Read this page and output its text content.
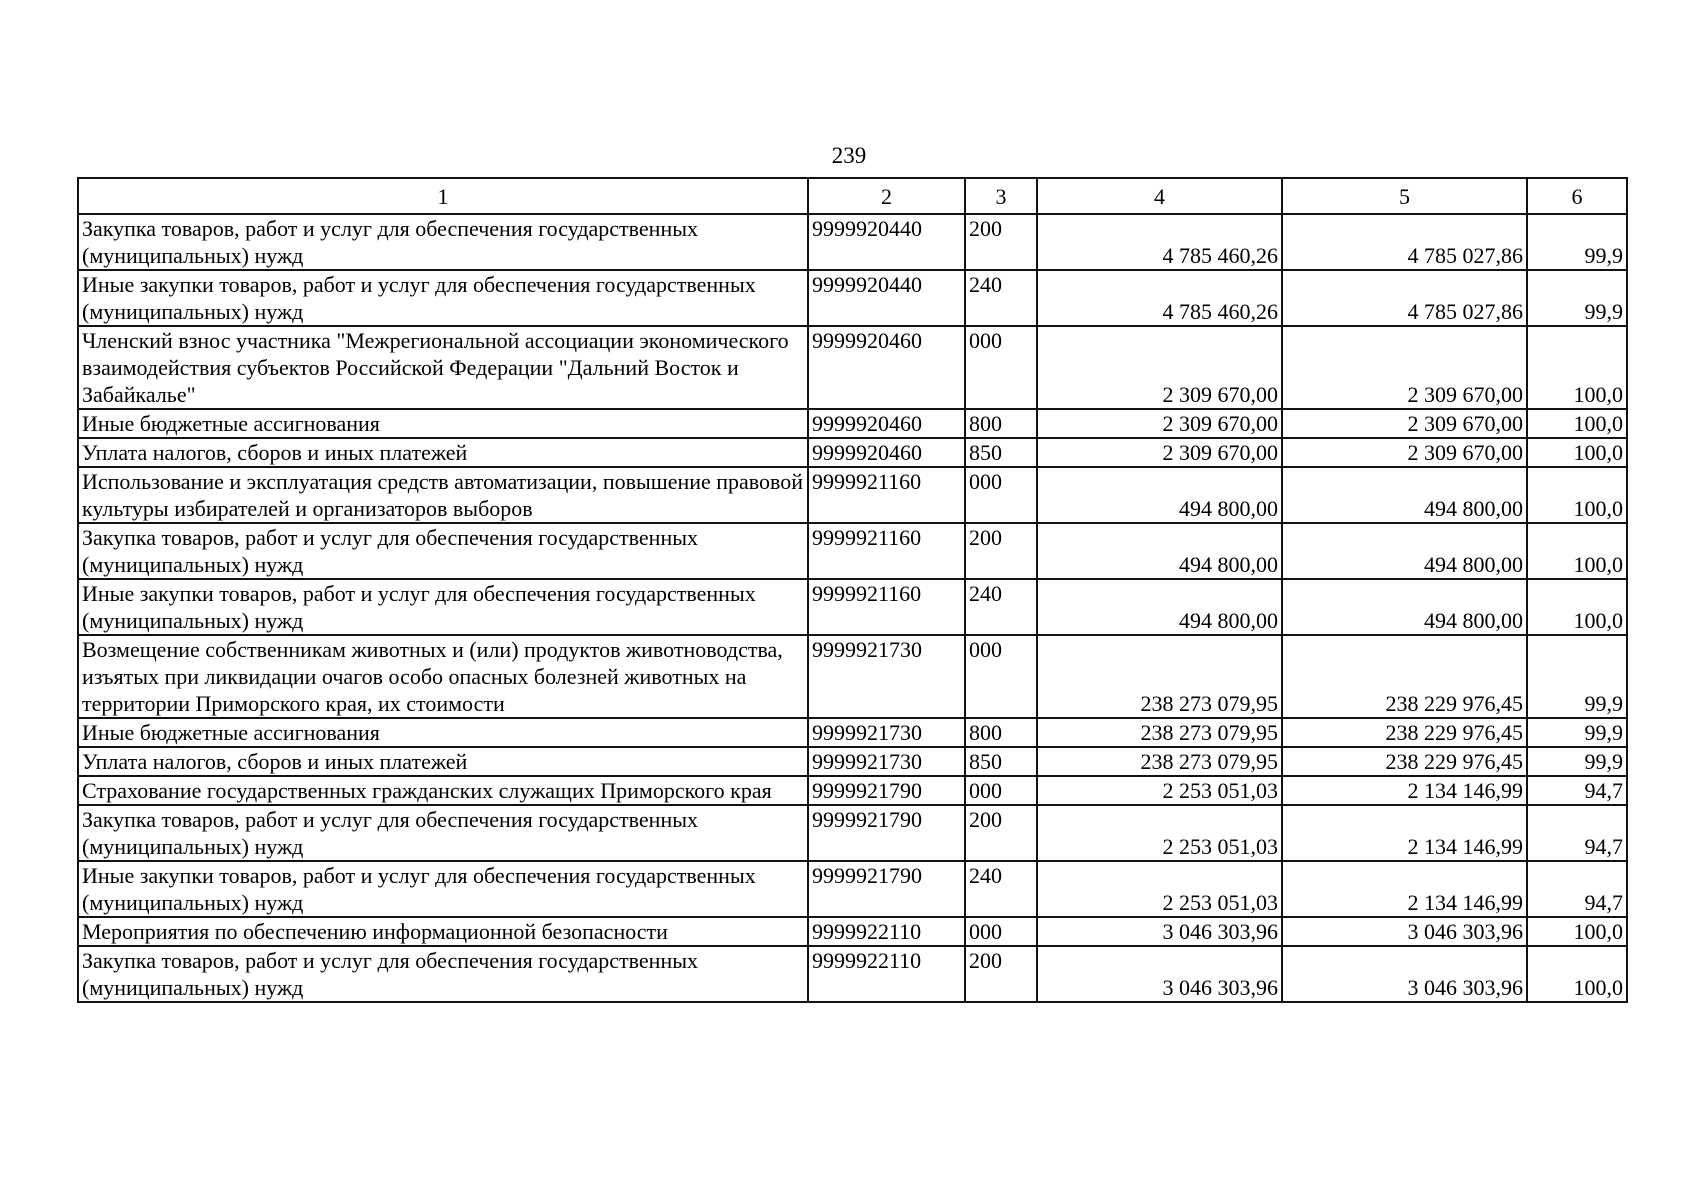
239
1	2	3	4	5	6
Закупка товаров, работ и услуг для обеспечения государственных (муниципальных) нужд	9999920440	200	4 785 460,26	4 785 027,86	99,9
Иные закупки товаров, работ и услуг для обеспечения государственных (муниципальных) нужд	9999920440	240	4 785 460,26	4 785 027,86	99,9
Членский взнос участника "Межрегиональной ассоциации экономического взаимодействия субъектов Российской Федерации "Дальний Восток и Забайкалье"	9999920460	000	2 309 670,00	2 309 670,00	100,0
Иные бюджетные ассигнования	9999920460	800	2 309 670,00	2 309 670,00	100,0
Уплата налогов, сборов и иных платежей	9999920460	850	2 309 670,00	2 309 670,00	100,0
Использование и эксплуатация средств автоматизации, повышение правовой культуры избирателей и организаторов выборов	9999921160	000	494 800,00	494 800,00	100,0
Закупка товаров, работ и услуг для обеспечения государственных (муниципальных) нужд	9999921160	200	494 800,00	494 800,00	100,0
Иные закупки товаров, работ и услуг для обеспечения государственных (муниципальных) нужд	9999921160	240	494 800,00	494 800,00	100,0
Возмещение собственникам животных и (или) продуктов животноводства, изъятых при ликвидации очагов особо опасных болезней животных на территории Приморского края, их стоимости	9999921730	000	238 273 079,95	238 229 976,45	99,9
Иные бюджетные ассигнования	9999921730	800	238 273 079,95	238 229 976,45	99,9
Уплата налогов, сборов и иных платежей	9999921730	850	238 273 079,95	238 229 976,45	99,9
Страхование государственных гражданских служащих Приморского края	9999921790	000	2 253 051,03	2 134 146,99	94,7
Закупка товаров, работ и услуг для обеспечения государственных (муниципальных) нужд	9999921790	200	2 253 051,03	2 134 146,99	94,7
Иные закупки товаров, работ и услуг для обеспечения государственных (муниципальных) нужд	9999921790	240	2 253 051,03	2 134 146,99	94,7
Мероприятия по обеспечению информационной безопасности	9999922110	000	3 046 303,96	3 046 303,96	100,0
Закупка товаров, работ и услуг для обеспечения государственных (муниципальных) нужд	9999922110	200	3 046 303,96	3 046 303,96	100,0
